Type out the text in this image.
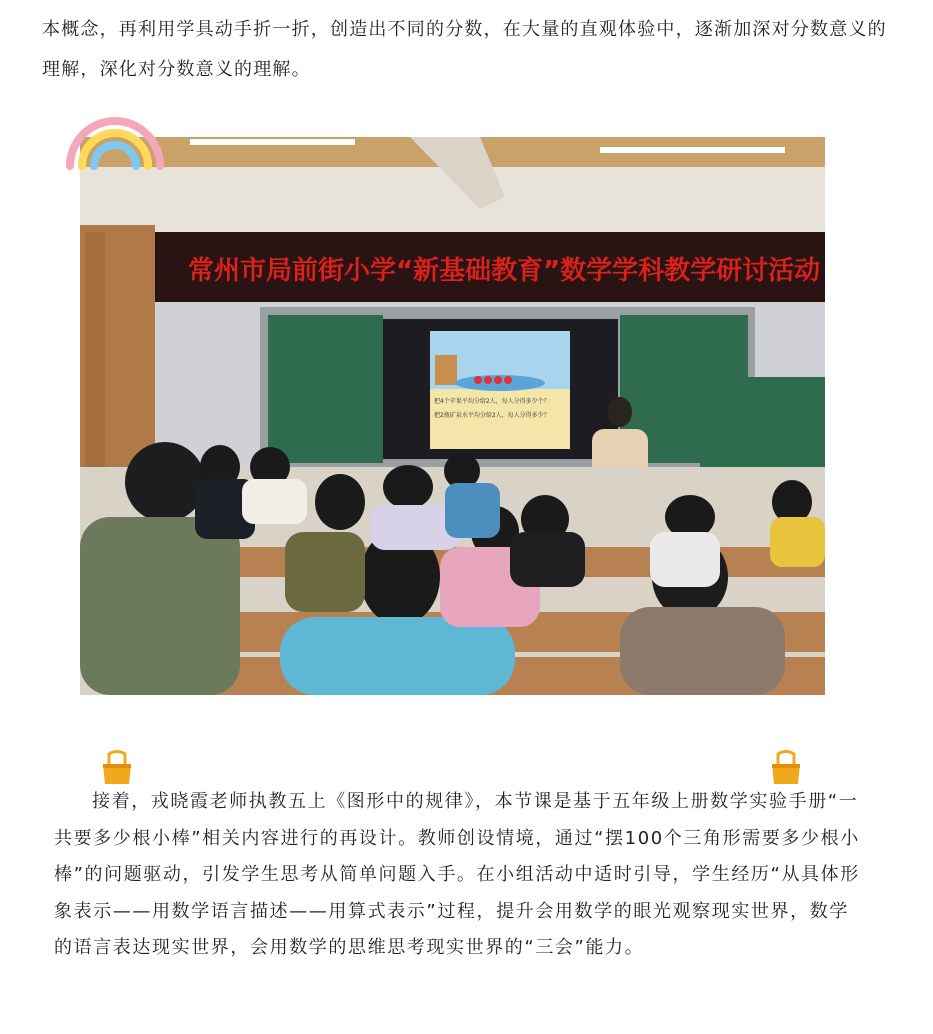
本概念，再利用学具动手折一折，创造出不同的分数，在大量的直观体验中，逐渐加深对分数意义的理解，深化对分数意义的理解。

常州市局前街小学“新基础教育”数学学科教学研讨活动
把4个苹果平均分给2人，每人分得多少个？
把2瓶矿泉水平均分给2人，每人分得多少？

接着，戎晓霞老师执教五上《图形中的规律》，本节课是基于五年级上册数学实验手册“一共要多少根小棒”相关内容进行的再设计。教师创设情境，通过“摆100个三角形需要多少根小棒”的问题驱动，引发学生思考从简单问题入手。在小组活动中适时引导，学生经历“从具体形象表示——用数学语言描述——用算式表示”过程，提升会用数学的眼光观察现实世界，数学的语言表达现实世界，会用数学的思维思考现实世界的“三会”能力。
